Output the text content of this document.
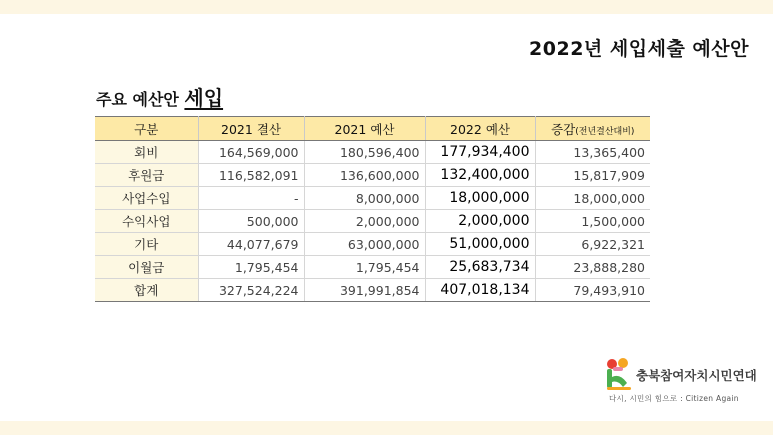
2022년 세입세출 예산안
주요 예산안 세입
구분	2021 결산	2021 예산	2022 예산	증감(전년결산대비)
회비	164,569,000	180,596,400	177,934,400	13,365,400
후원금	116,582,091	136,600,000	132,400,000	15,817,909
사업수입	-	8,000,000	18,000,000	18,000,000
수익사업	500,000	2,000,000	2,000,000	1,500,000
기타	44,077,679	63,000,000	51,000,000	6,922,321
이월금	1,795,454	1,795,454	25,683,734	23,888,280
합계	327,524,224	391,991,854	407,018,134	79,493,910
충북참여자치시민연대
다시, 시민의 힘으로 : Citizen Again
